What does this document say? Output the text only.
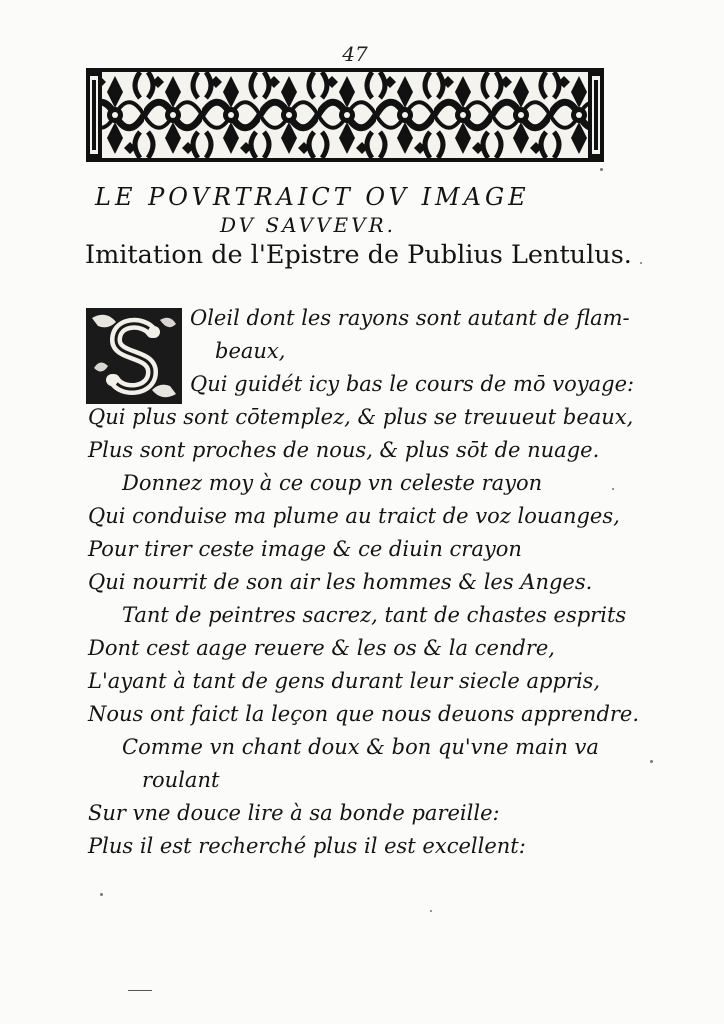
47
LE POVRTRAICT OV IMAGE
DV SAVVEVR.
Imitation de l'Epistre de Publius Lentulus.
Oleil dont les rayons sont autant de flam-
beaux,
Qui guidét icy bas le cours de mō voyage:
Qui plus sont cōtemplez, & plus se treuueut beaux,
Plus sont proches de nous, & plus sōt de nuage.
Donnez moy à ce coup vn celeste rayon
Qui conduise ma plume au traict de voz louanges,
Pour tirer ceste image & ce diuin crayon
Qui nourrit de son air les hommes & les Anges.
Tant de peintres sacrez, tant de chastes esprits
Dont cest aage reuere & les os & la cendre,
L'ayant à tant de gens durant leur siecle appris,
Nous ont faict la leçon que nous deuons apprendre.
Comme vn chant doux & bon qu'vne main va
roulant
Sur vne douce lire à sa bonde pareille:
Plus il est recherché plus il est excellent:
